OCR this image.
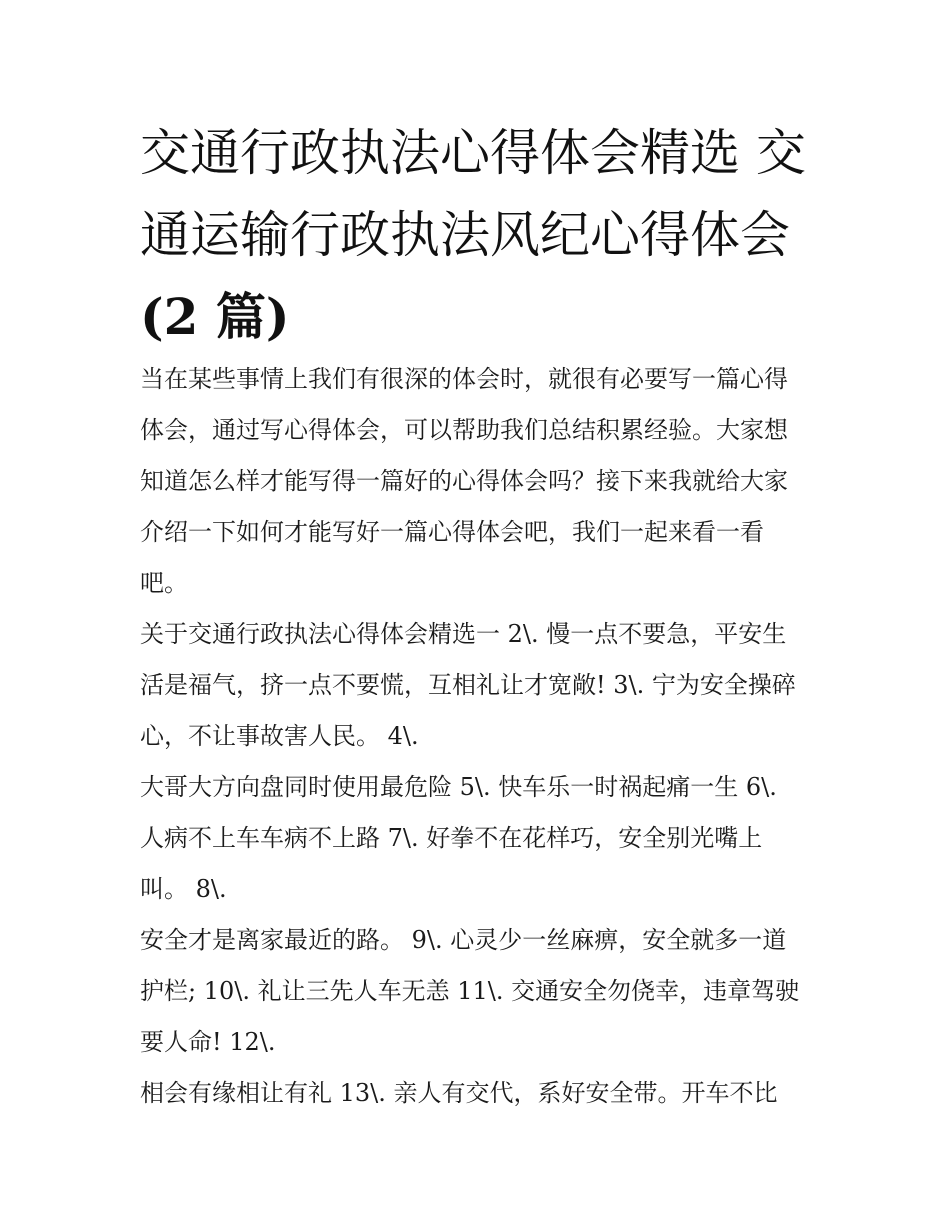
交通行政执法心得体会精选 交
通运输行政执法风纪心得体会
(2 篇)

当在某些事情上我们有很深的体会时，就很有必要写一篇心得
体会，通过写心得体会，可以帮助我们总结积累经验。大家想
知道怎么样才能写得一篇好的心得体会吗？接下来我就给大家
介绍一下如何才能写好一篇心得体会吧，我们一起来看一看
吧。

关于交通行政执法心得体会精选一 2\. 慢一点不要急，平安生
活是福气，挤一点不要慌，互相礼让才宽敞! 3\. 宁为安全操碎
心，不让事故害人民。 4\.

大哥大方向盘同时使用最危险 5\. 快车乐一时祸起痛一生 6\.
人病不上车车病不上路 7\. 好拳不在花样巧，安全别光嘴上
叫。 8\.

安全才是离家最近的路。 9\. 心灵少一丝麻痹，安全就多一道
护栏; 10\. 礼让三先人车无恙 11\. 交通安全勿侥幸，违章驾驶
要人命! 12\.

相会有缘相让有礼 13\. 亲人有交代，系好安全带。开车不比
